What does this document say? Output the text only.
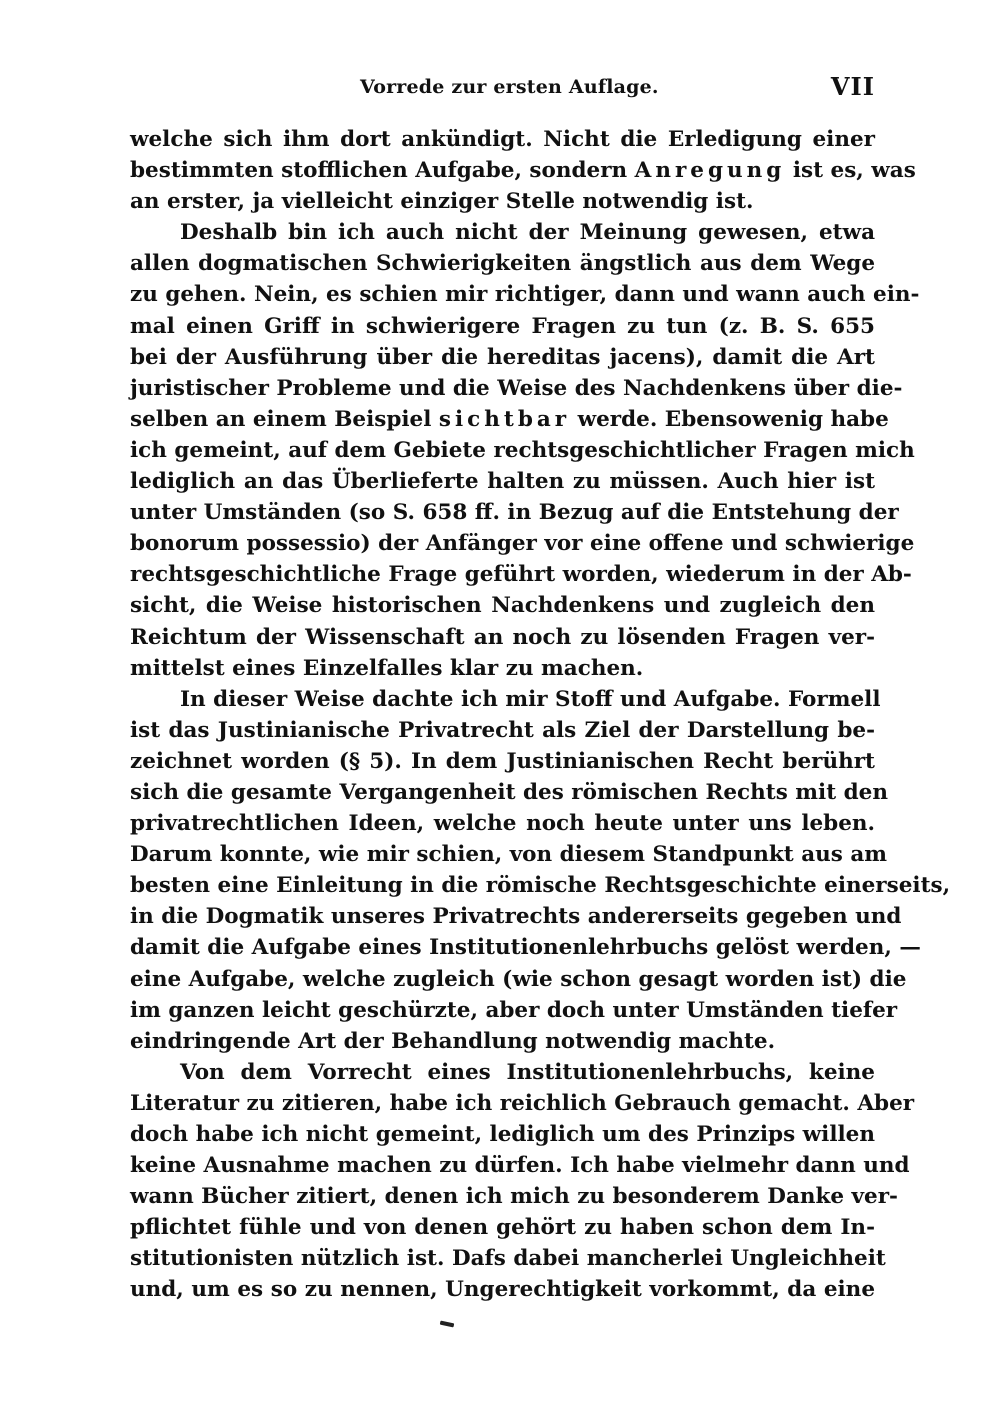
Vorrede zur ersten Auflage.	VII
welche sich ihm dort ankündigt. Nicht die Erledigung einer
bestimmten stofflichen Aufgabe, sondern Anregung ist es, was
an erster, ja vielleicht einziger Stelle notwendig ist.
Deshalb bin ich auch nicht der Meinung gewesen, etwa
allen dogmatischen Schwierigkeiten ängstlich aus dem Wege
zu gehen. Nein, es schien mir richtiger, dann und wann auch ein-
mal einen Griff in schwierigere Fragen zu tun (z. B. S. 655
bei der Ausführung über die hereditas jacens), damit die Art
juristischer Probleme und die Weise des Nachdenkens über die-
selben an einem Beispiel sichtbar werde. Ebensowenig habe
ich gemeint, auf dem Gebiete rechtsgeschichtlicher Fragen mich
lediglich an das Überlieferte halten zu müssen. Auch hier ist
unter Umständen (so S. 658 ff. in Bezug auf die Entstehung der
bonorum possessio) der Anfänger vor eine offene und schwierige
rechtsgeschichtliche Frage geführt worden, wiederum in der Ab-
sicht, die Weise historischen Nachdenkens und zugleich den
Reichtum der Wissenschaft an noch zu lösenden Fragen ver-
mittelst eines Einzelfalles klar zu machen.
In dieser Weise dachte ich mir Stoff und Aufgabe. Formell
ist das Justinianische Privatrecht als Ziel der Darstellung be-
zeichnet worden (§ 5). In dem Justinianischen Recht berührt
sich die gesamte Vergangenheit des römischen Rechts mit den
privatrechtlichen Ideen, welche noch heute unter uns leben.
Darum konnte, wie mir schien, von diesem Standpunkt aus am
besten eine Einleitung in die römische Rechtsgeschichte einerseits,
in die Dogmatik unseres Privatrechts andererseits gegeben und
damit die Aufgabe eines Institutionenlehrbuchs gelöst werden, —
eine Aufgabe, welche zugleich (wie schon gesagt worden ist) die
im ganzen leicht geschürzte, aber doch unter Umständen tiefer
eindringende Art der Behandlung notwendig machte.
Von dem Vorrecht eines Institutionenlehrbuchs, keine
Literatur zu zitieren, habe ich reichlich Gebrauch gemacht. Aber
doch habe ich nicht gemeint, lediglich um des Prinzips willen
keine Ausnahme machen zu dürfen. Ich habe vielmehr dann und
wann Bücher zitiert, denen ich mich zu besonderem Danke ver-
pflichtet fühle und von denen gehört zu haben schon dem In-
stitutionisten nützlich ist. Dafs dabei mancherlei Ungleichheit
und, um es so zu nennen, Ungerechtigkeit vorkommt, da eine
